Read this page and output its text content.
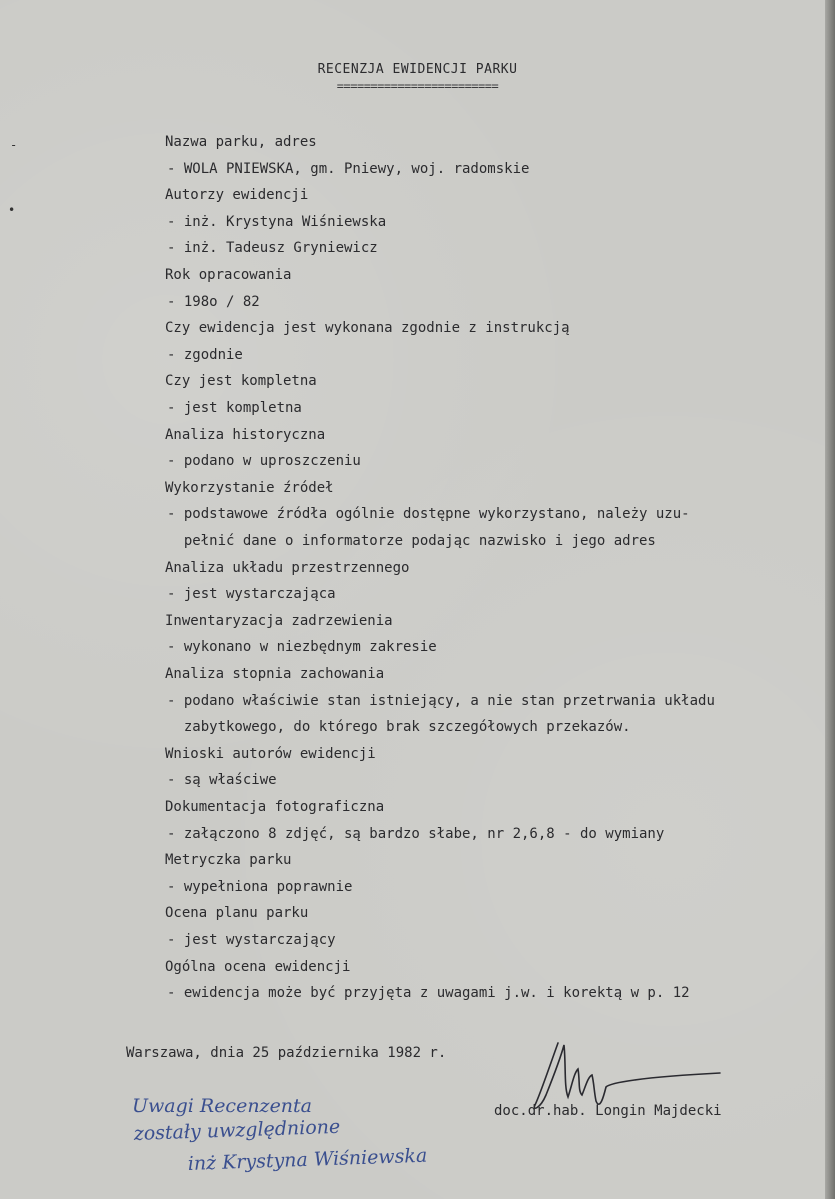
-
•
RECENZJA EWIDENCJI PARKU
========================
Nazwa parku, adres
- WOLA PNIEWSKA, gm. Pniewy, woj. radomskie
Autorzy ewidencji
- inż. Krystyna Wiśniewska
- inż. Tadeusz Gryniewicz
Rok opracowania
- 198o / 82
Czy ewidencja jest wykonana zgodnie z instrukcją
- zgodnie
Czy jest kompletna
- jest kompletna
Analiza historyczna
- podano w uproszczeniu
Wykorzystanie źródeł
- podstawowe źródła ogólnie dostępne wykorzystano, należy uzu-
pełnić dane o informatorze podając nazwisko i jego adres
Analiza układu przestrzennego
- jest wystarczająca
Inwentaryzacja zadrzewienia
- wykonano w niezbędnym zakresie
Analiza stopnia zachowania
- podano właściwie stan istniejący, a nie stan przetrwania układu
zabytkowego, do którego brak szczegółowych przekazów.
Wnioski autorów ewidencji
- są właściwe
Dokumentacja fotograficzna
- załączono 8 zdjęć, są bardzo słabe, nr 2,6,8 - do wymiany
Metryczka parku
- wypełniona poprawnie
Ocena planu parku
- jest wystarczający
Ogólna ocena ewidencji
- ewidencja może być przyjęta z uwagami j.w. i korektą w p. 12
Warszawa, dnia 25 października 1982 r.
doc.dr.hab. Longin Majdecki
Uwagi Recenzenta
zostały uwzględnione
inż Krystyna Wiśniewska
